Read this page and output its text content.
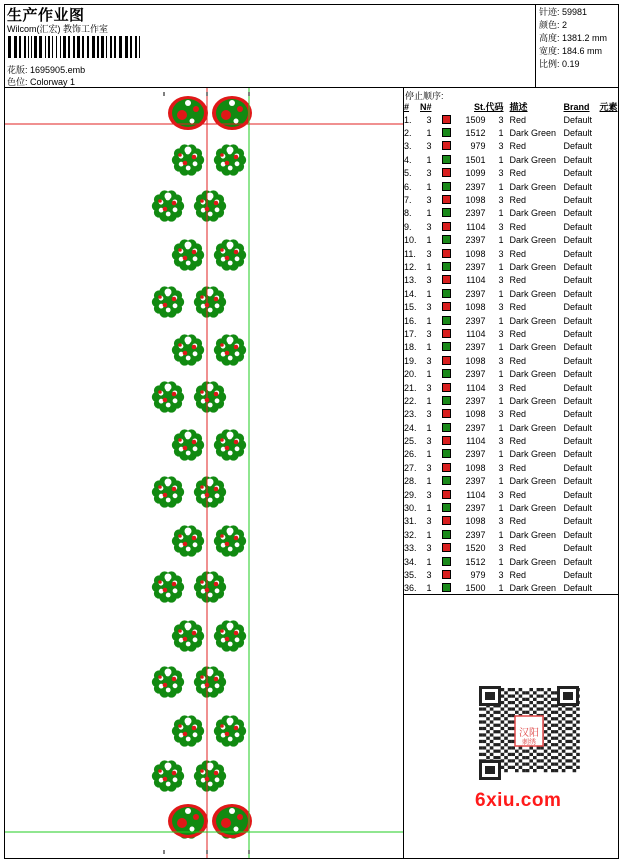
生产作业图
Wilcom(汇宏) 教饰工作室
花版: 1695905.emb
色位: Colorway 1
针迹: 59981
颜色: 2
高度: 1381.2 mm
宽度: 184.6 mm
比例: 0.19
停止顺序:
#	N#		St.	代码	描述	Brand	元素
1.	3		1509	3	Red	Default	
2.	1		1512	1	Dark Green	Default	
3.	3		979	3	Red	Default	
4.	1		1501	1	Dark Green	Default	
5.	3		1099	3	Red	Default	
6.	1		2397	1	Dark Green	Default	
7.	3		1098	3	Red	Default	
8.	1		2397	1	Dark Green	Default	
9.	3		1104	3	Red	Default	
10.	1		2397	1	Dark Green	Default	
11.	3		1098	3	Red	Default	
12.	1		2397	1	Dark Green	Default	
13.	3		1104	3	Red	Default	
14.	1		2397	1	Dark Green	Default	
15.	3		1098	3	Red	Default	
16.	1		2397	1	Dark Green	Default	
17.	3		1104	3	Red	Default	
18.	1		2397	1	Dark Green	Default	
19.	3		1098	3	Red	Default	
20.	1		2397	1	Dark Green	Default	
21.	3		1104	3	Red	Default	
22.	1		2397	1	Dark Green	Default	
23.	3		1098	3	Red	Default	
24.	1		2397	1	Dark Green	Default	
25.	3		1104	3	Red	Default	
26.	1		2397	1	Dark Green	Default	
27.	3		1098	3	Red	Default	
28.	1		2397	1	Dark Green	Default	
29.	3		1104	3	Red	Default	
30.	1		2397	1	Dark Green	Default	
31.	3		1098	3	Red	Default	
32.	1		2397	1	Dark Green	Default	
33.	3		1520	3	Red	Default	
34.	1		1512	1	Dark Green	Default	
35.	3		979	3	Red	Default	
36.	1		1500	1	Dark Green	Default	
汉阳
刺绣
6xiu.com
